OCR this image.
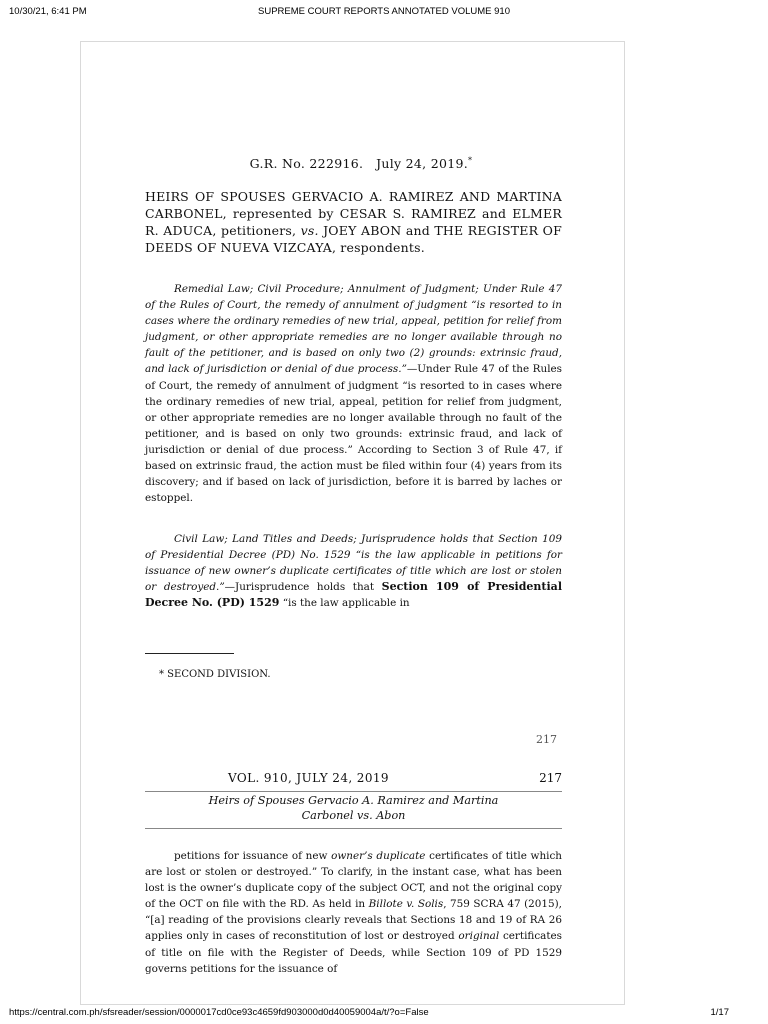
10/30/21, 6:41 PM	SUPREME COURT REPORTS ANNOTATED VOLUME 910
G.R. No. 222916. July 24, 2019.*
HEIRS OF SPOUSES GERVACIO A. RAMIREZ AND MARTINA CARBONEL, represented by CESAR S. RAMIREZ and ELMER R. ADUCA, petitioners, vs. JOEY ABON and THE REGISTER OF DEEDS OF NUEVA VIZCAYA, respondents.

Remedial Law; Civil Procedure; Annulment of Judgment; Under Rule 47 of the Rules of Court, the remedy of annulment of judgment “is resorted to in cases where the ordinary remedies of new trial, appeal, petition for relief from judgment, or other appropriate remedies are no longer available through no fault of the petitioner, and is based on only two (2) grounds: extrinsic fraud, and lack of jurisdiction or denial of due process.”—Under Rule 47 of the Rules of Court, the remedy of annulment of judgment “is resorted to in cases where the ordinary remedies of new trial, appeal, petition for relief from judgment, or other appropriate remedies are no longer available through no fault of the petitioner, and is based on only two grounds: extrinsic fraud, and lack of jurisdiction or denial of due process.” According to Section 3 of Rule 47, if based on extrinsic fraud, the action must be filed within four (4) years from its discovery; and if based on lack of jurisdiction, before it is barred by laches or estoppel.

Civil Law; Land Titles and Deeds; Jurisprudence holds that Section 109 of Presidential Decree (PD) No. 1529 “is the law applicable in petitions for issuance of new owner’s duplicate certificates of title which are lost or stolen or destroyed.”—Jurisprudence holds that Section 109 of Presidential Decree No. (PD) 1529 “is the law applicable in

* SECOND DIVISION.
217
VOL. 910, JULY 24, 2019	217
Heirs of Spouses Gervacio A. Ramirez and Martina
Carbonel vs. Abon

petitions for issuance of new owner’s duplicate certificates of title which are lost or stolen or destroyed.” To clarify, in the instant case, what has been lost is the owner’s duplicate copy of the subject OCT, and not the original copy of the OCT on file with the RD. As held in Billote v. Solis, 759 SCRA 47 (2015), “[a] reading of the provisions clearly reveals that Sections 18 and 19 of RA 26 applies only in cases of reconstitution of lost or destroyed original certificates of title on file with the Register of Deeds, while Section 109 of PD 1529 governs petitions for the issuance of

https://central.com.ph/sfsreader/session/0000017cd0ce93c4659fd903000d0d40059004a/t/?o=False	1/17
